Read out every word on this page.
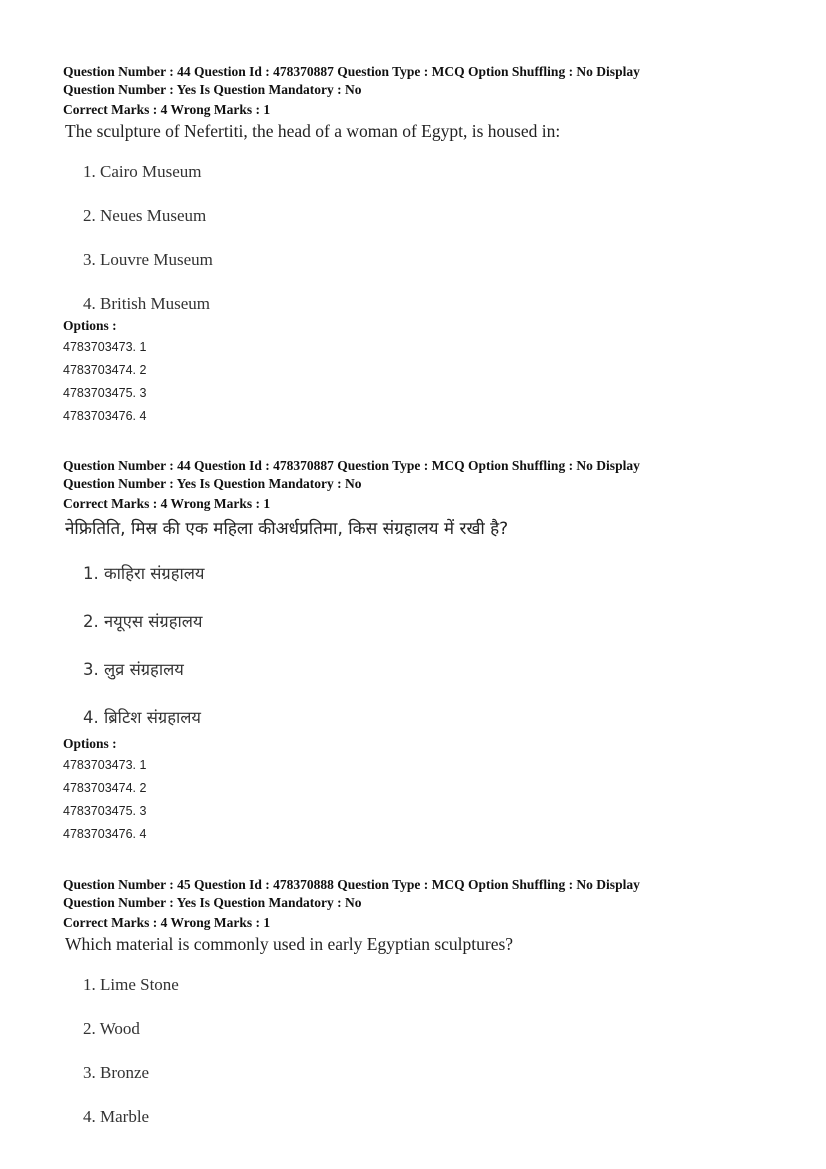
Question Number : 44 Question Id : 478370887 Question Type : MCQ Option Shuffling : No Display
Question Number : Yes Is Question Mandatory : No
Correct Marks : 4 Wrong Marks : 1
The sculpture of Nefertiti, the head of a woman of Egypt, is housed in:
1. Cairo Museum
2. Neues Museum
3. Louvre Museum
4. British Museum
Options :
4783703473. 1
4783703474. 2
4783703475. 3
4783703476. 4
Question Number : 44 Question Id : 478370887 Question Type : MCQ Option Shuffling : No Display
Question Number : Yes Is Question Mandatory : No
Correct Marks : 4 Wrong Marks : 1
नेफ्रितिति, मिस्र की एक महिला कीअर्धप्रतिमा, किस संग्रहालय में रखी है?
1. काहिरा संग्रहालय
2. नयूएस संग्रहालय
3. लुव्र संग्रहालय
4. ब्रिटिश संग्रहालय
Options :
4783703473. 1
4783703474. 2
4783703475. 3
4783703476. 4
Question Number : 45 Question Id : 478370888 Question Type : MCQ Option Shuffling : No Display
Question Number : Yes Is Question Mandatory : No
Correct Marks : 4 Wrong Marks : 1
Which material is commonly used in early Egyptian sculptures?
1. Lime Stone
2. Wood
3. Bronze
4. Marble
